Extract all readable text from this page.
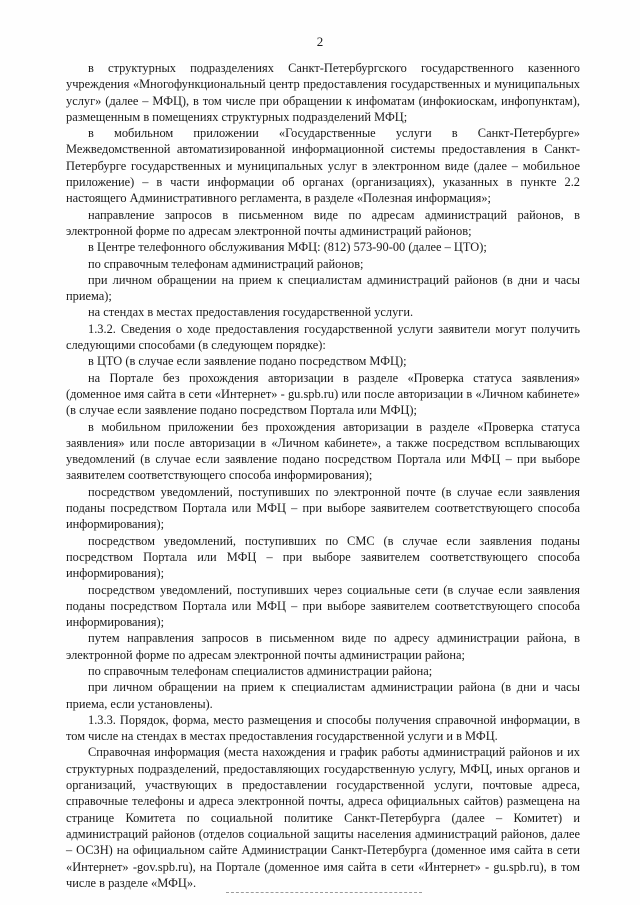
2

в структурных подразделениях Санкт-Петербургского государственного казенного учреждения «Многофункциональный центр предоставления государственных и муниципальных услуг» (далее – МФЦ), в том числе при обращении к инфоматам (инфокиоскам, инфопунктам), размещенным в помещениях структурных подразделений МФЦ;

в мобильном приложении «Государственные услуги в Санкт-Петербурге» Межведомственной автоматизированной информационной системы предоставления в Санкт-Петербурге государственных и муниципальных услуг в электронном виде (далее – мобильное приложение) – в части информации об органах (организациях), указанных в пункте 2.2 настоящего Административного регламента, в разделе «Полезная информация»;

направление запросов в письменном виде по адресам администраций районов, в электронной форме по адресам электронной почты администраций районов;

в Центре телефонного обслуживания МФЦ: (812) 573-90-00 (далее – ЦТО);

по справочным телефонам администраций районов;

при личном обращении на прием к специалистам администраций районов (в дни и часы приема);

на стендах в местах предоставления государственной услуги.

1.3.2. Сведения о ходе предоставления государственной услуги заявители могут получить следующими способами (в следующем порядке):

в ЦТО (в случае если заявление подано посредством МФЦ);

на Портале без прохождения авторизации в разделе «Проверка статуса заявления» (доменное имя сайта в сети «Интернет» - gu.spb.ru) или после авторизации в «Личном кабинете» (в случае если заявление подано посредством Портала или МФЦ);

в мобильном приложении без прохождения авторизации в разделе «Проверка статуса заявления» или после авторизации в «Личном кабинете», а также посредством всплывающих уведомлений (в случае если заявление подано посредством Портала или МФЦ – при выборе заявителем соответствующего способа информирования);

посредством уведомлений, поступивших по электронной почте (в случае если заявления поданы посредством Портала или МФЦ – при выборе заявителем соответствующего способа информирования);

посредством уведомлений, поступивших по СМС (в случае если заявления поданы посредством Портала или МФЦ – при выборе заявителем соответствующего способа информирования);

посредством уведомлений, поступивших через социальные сети (в случае если заявления поданы посредством Портала или МФЦ – при выборе заявителем соответствующего способа информирования);

путем направления запросов в письменном виде по адресу администрации района, в электронной форме по адресам электронной почты администрации района;

по справочным телефонам специалистов администрации района;

при личном обращении на прием к специалистам администрации района (в дни и часы приема, если установлены).

1.3.3. Порядок, форма, место размещения и способы получения справочной информации, в том числе на стендах в местах предоставления государственной услуги и в МФЦ.

Справочная информация (места нахождения и график работы администраций районов и их структурных подразделений, предоставляющих государственную услугу, МФЦ, иных органов и организаций, участвующих в предоставлении государственной услуги, почтовые адреса, справочные телефоны и адреса электронной почты, адреса официальных сайтов) размещена на странице Комитета по социальной политике Санкт-Петербурга (далее – Комитет) и администраций районов (отделов социальной защиты населения администраций районов, далее – ОСЗН) на официальном сайте Администрации Санкт-Петербурга (доменное имя сайта в сети «Интернет» -gov.spb.ru), на Портале (доменное имя сайта в сети «Интернет» - gu.spb.ru), в том числе в разделе «МФЦ».
